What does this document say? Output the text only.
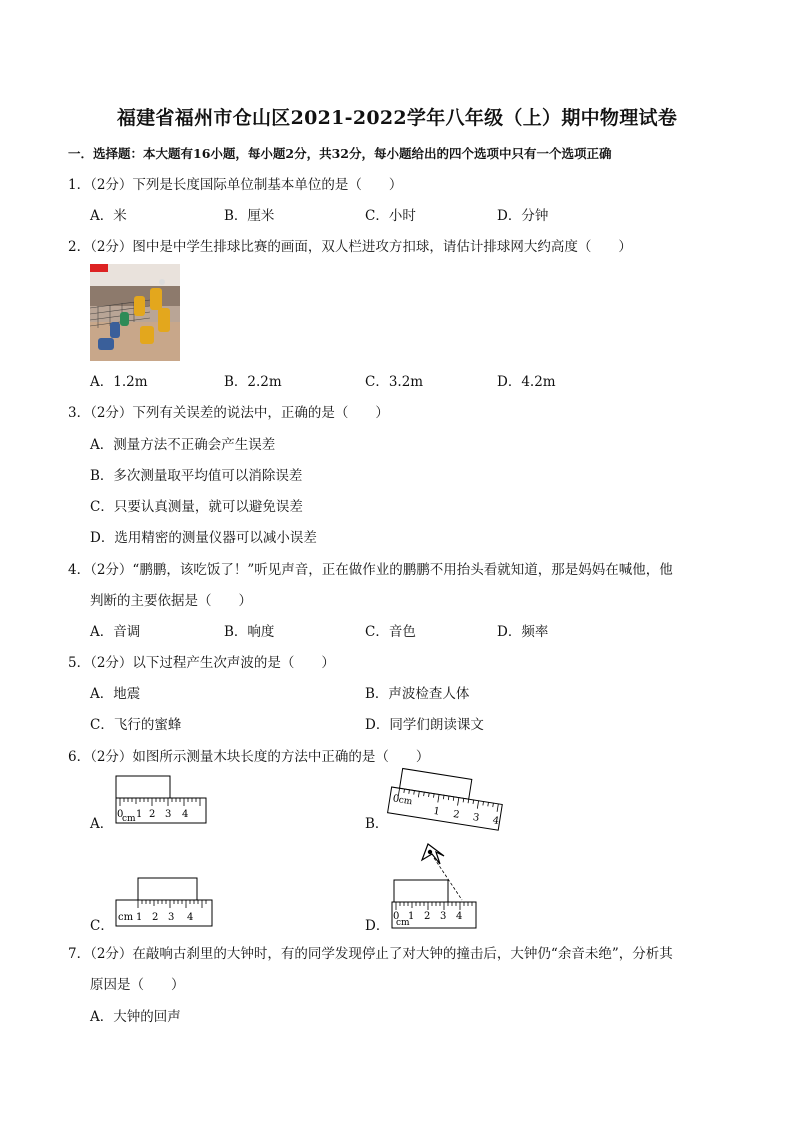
福建省福州市仓山区2021-2022学年八年级（上）期中物理试卷
一．选择题：本大题有16小题，每小题2分，共32分，每小题给出的四个选项中只有一个选项正确
1．（2分）下列是长度国际单位制基本单位的是（　　）
A．米	B．厘米	C．小时	D．分钟
2．（2分）图中是中学生排球比赛的画面，双人栏进攻方扣球，请估计排球网大约高度（　　）
A．1.2m	B．2.2m	C．3.2m	D．4.2m
3．（2分）下列有关误差的说法中，正确的是（　　）
A．测量方法不正确会产生误差
B．多次测量取平均值可以消除误差
C．只要认真测量，就可以避免误差
D．选用精密的测量仪器可以减小误差
4．（2分）“鹏鹏，该吃饭了！”听见声音，正在做作业的鹏鹏不用抬头看就知道，那是妈妈在喊他，他
判断的主要依据是（　　）
A．音调	B．响度	C．音色	D．频率
5．（2分）以下过程产生次声波的是（　　）
A．地震	B．声波检查人体
C．飞行的蜜蜂	D．同学们朗读课文
6．（2分）如图所示测量木块长度的方法中正确的是（　　）
A．
0
cm 1 2 3 4
B．
0
cm
1 2 3 4
C．
cm 1 2 3 4
D．
0
cm
1 2 3 4
7．（2分）在敲响古刹里的大钟时，有的同学发现停止了对大钟的撞击后，大钟仍“余音未绝”，分析其
原因是（　　）
A．大钟的回声
